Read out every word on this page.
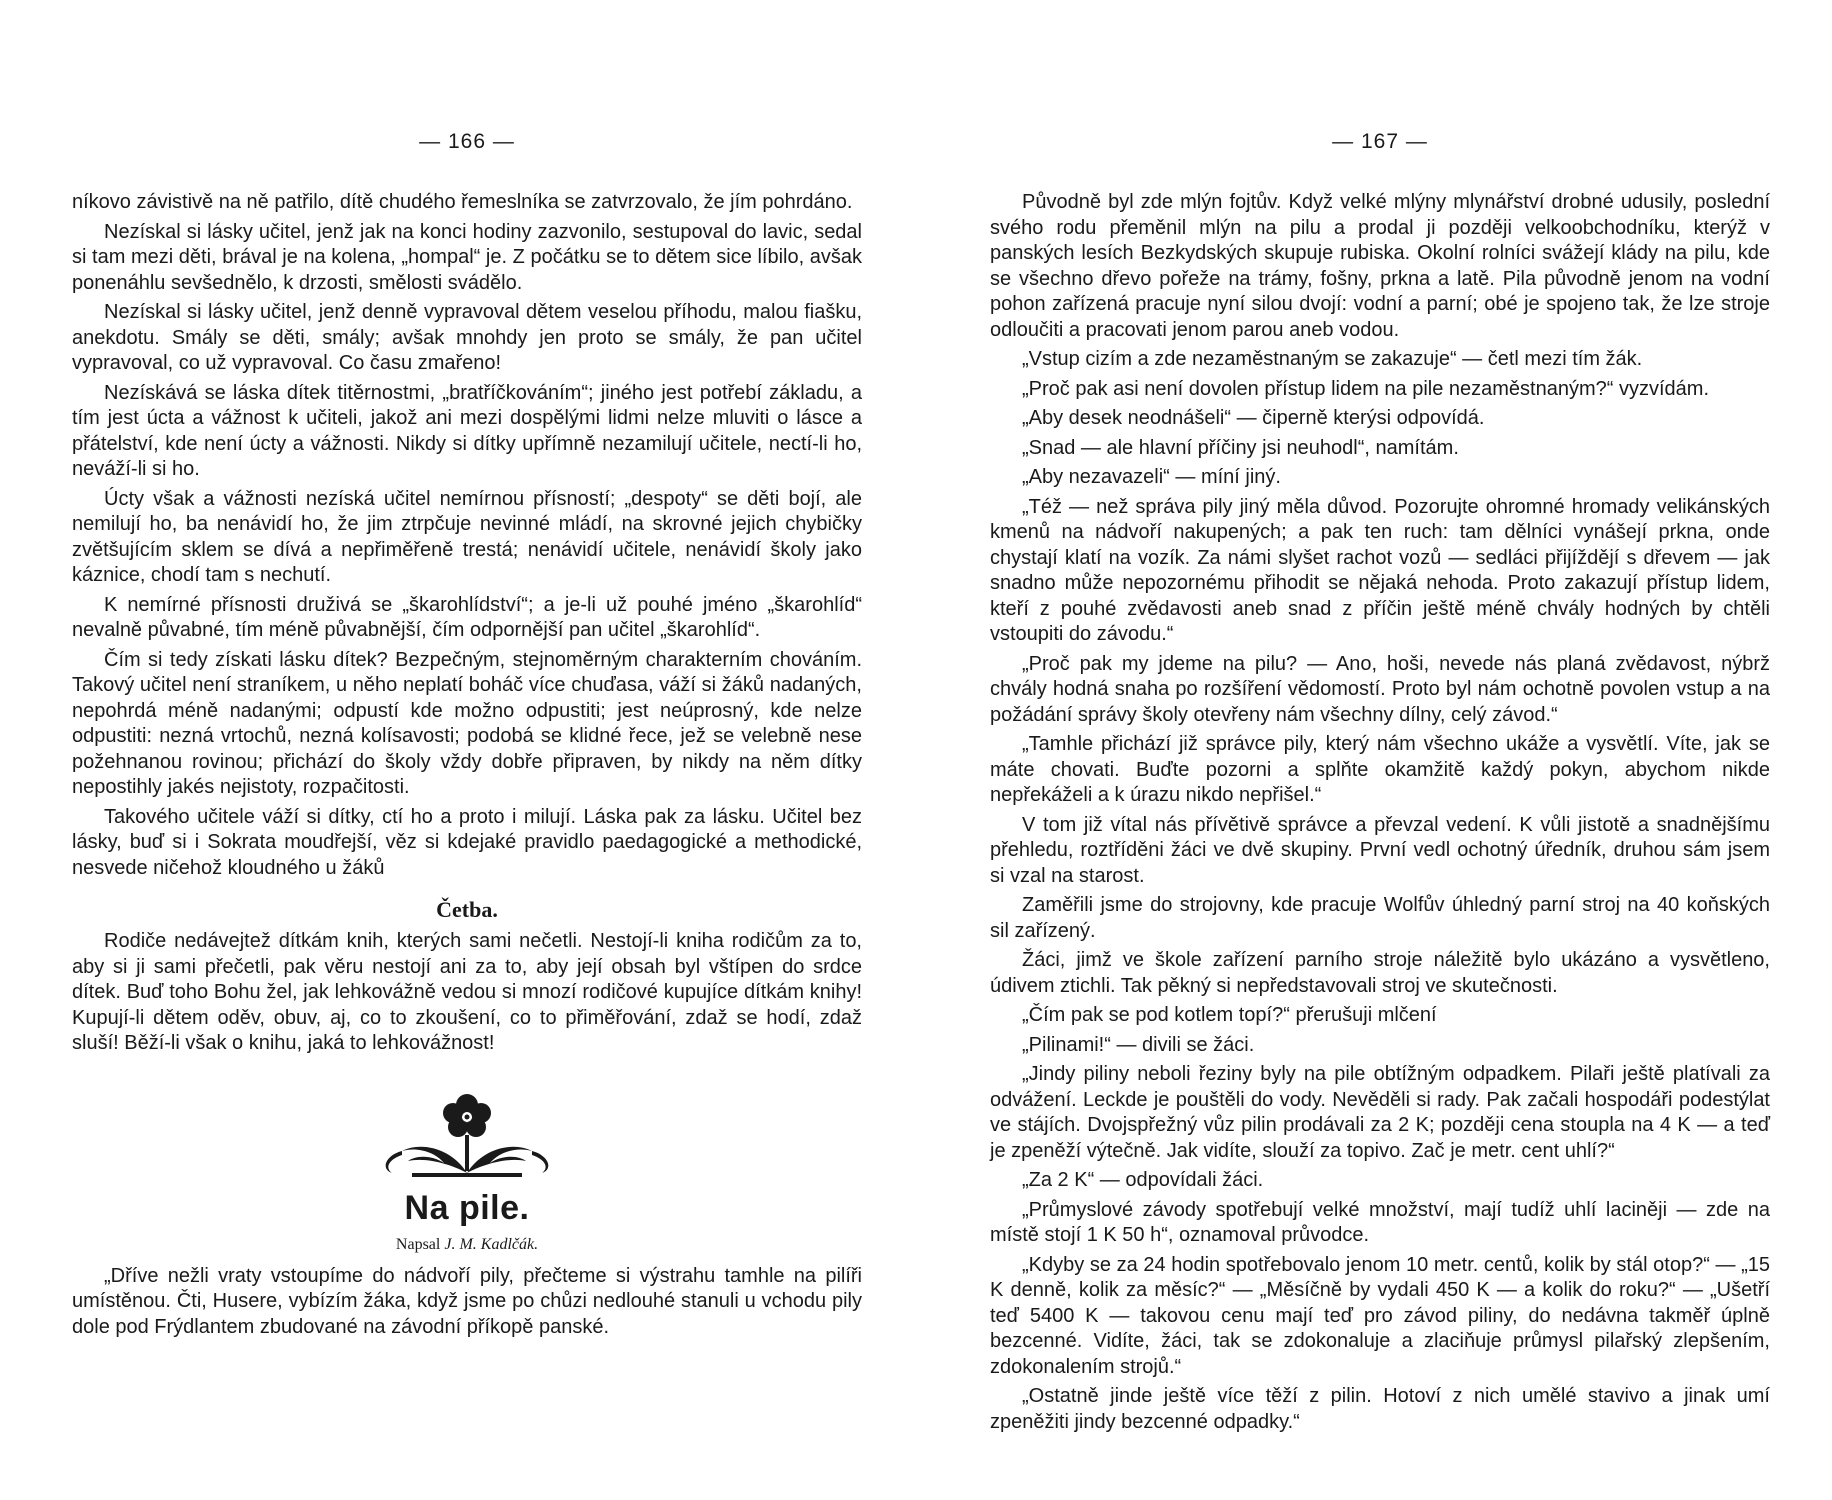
— 166 —

níkovo závistivě na ně patřilo, dítě chudého řemeslníka se zatvrzovalo, že jím pohrdáno.

Nezískal si lásky učitel, jenž jak na konci hodiny zazvonilo, sestupoval do lavic, sedal si tam mezi děti, brával je na kolena, „hompal“ je. Z počátku se to dětem sice líbilo, avšak ponenáhlu sevšednělo, k drzosti, smělosti svádělo.

Nezískal si lásky učitel, jenž denně vypravoval dětem veselou příhodu, malou fiašku, anekdotu. Smály se děti, smály; avšak mnohdy jen proto se smály, že pan učitel vypravoval, co už vypravoval. Co času zmařeno!

Nezískává se láska dítek titěrnostmi, „bratříčkováním“; jiného jest potřebí základu, a tím jest úcta a vážnost k učiteli, jakož ani mezi dospělými lidmi nelze mluviti o lásce a přátelství, kde není úcty a vážnosti. Nikdy si dítky upřímně nezamilují učitele, nectí-li ho, neváží-li si ho.

Úcty však a vážnosti nezíská učitel nemírnou přísností; „despoty“ se děti bojí, ale nemilují ho, ba nenávidí ho, že jim ztrpčuje nevinné mládí, na skrovné jejich chybičky zvětšujícím sklem se dívá a nepřiměřeně trestá; nenávidí učitele, nenávidí školy jako káznice, chodí tam s nechutí.

K nemírné přísnosti druživá se „škarohlídství“; a je-li už pouhé jméno „škarohlíd“ nevalně půvabné, tím méně půvabnější, čím odpornější pan učitel „škarohlíd“.

Čím si tedy získati lásku dítek? Bezpečným, stejnoměrným charakterním chováním. Takový učitel není straníkem, u něho neplatí boháč více chuďasa, váží si žáků nadaných, nepohrdá méně nadanými; odpustí kde možno odpustiti; jest neúprosný, kde nelze odpustiti: nezná vrtochů, nezná kolísavosti; podobá se klidné řece, jež se velebně nese požehnanou rovinou; přichází do školy vždy dobře připraven, by nikdy na něm dítky nepostihly jakés nejistoty, rozpačitosti.

Takového učitele váží si dítky, ctí ho a proto i milují. Láska pak za lásku. Učitel bez lásky, buď si i Sokrata moudřejší, věz si kdejaké pravidlo paedagogické a methodické, nesvede ničehož kloudného u žáků

Četba.

Rodiče nedávejtež dítkám knih, kterých sami nečetli. Nestojí-li kniha rodičům za to, aby si ji sami přečetli, pak věru nestojí ani za to, aby její obsah byl vštípen do srdce dítek. Buď toho Bohu žel, jak lehkovážně vedou si mnozí rodičové kupujíce dítkám knihy! Kupují-li dětem oděv, obuv, aj, co to zkoušení, co to přiměřování, zdaž se hodí, zdaž sluší! Běží-li však o knihu, jaká to lehkovážnost!

Na pile.
Napsal J. M. Kadlčák.

„Dříve nežli vraty vstoupíme do nádvoří pily, přečteme si výstrahu tamhle na pilíři umístěnou. Čti, Husere, vybízím žáka, když jsme po chůzi nedlouhé stanuli u vchodu pily dole pod Frýdlantem zbudované na závodní příkopě panské.

— 167 —

Původně byl zde mlýn fojtův. Když velké mlýny mlynářství drobné udusily, poslední svého rodu přeměnil mlýn na pilu a prodal ji později velkoobchodníku, kterýž v panských lesích Bezkydských skupuje rubiska. Okolní rolníci svážejí klády na pilu, kde se všechno dřevo pořeže na trámy, fošny, prkna a latě. Pila původně jenom na vodní pohon zařízená pracuje nyní silou dvojí: vodní a parní; obé je spojeno tak, že lze stroje odloučiti a pracovati jenom parou aneb vodou.

„Vstup cizím a zde nezaměstnaným se zakazuje“ — četl mezi tím žák.

„Proč pak asi není dovolen přístup lidem na pile nezaměstnaným?“ vyzvídám.

„Aby desek neodnášeli“ — čiperně kterýsi odpovídá.

„Snad — ale hlavní příčiny jsi neuhodl“, namítám.

„Aby nezavazeli“ — míní jiný.

„Též — než správa pily jiný měla důvod. Pozorujte ohromné hromady velikánských kmenů na nádvoří nakupených; a pak ten ruch: tam dělníci vynášejí prkna, onde chystají klatí na vozík. Za námi slyšet rachot vozů — sedláci přijíždějí s dřevem — jak snadno může nepozornému přihodit se nějaká nehoda. Proto zakazují přístup lidem, kteří z pouhé zvědavosti aneb snad z příčin ještě méně chvály hodných by chtěli vstoupiti do závodu.“

„Proč pak my jdeme na pilu? — Ano, hoši, nevede nás planá zvědavost, nýbrž chvály hodná snaha po rozšíření vědomostí. Proto byl nám ochotně povolen vstup a na požádání správy školy otevřeny nám všechny dílny, celý závod.“

„Tamhle přichází již správce pily, který nám všechno ukáže a vysvětlí. Víte, jak se máte chovati. Buďte pozorni a splňte okamžitě každý pokyn, abychom nikde nepřekáželi a k úrazu nikdo nepřišel.“

V tom již vítal nás přívětivě správce a převzal vedení. K vůli jistotě a snadnějšímu přehledu, roztříděni žáci ve dvě skupiny. První vedl ochotný úředník, druhou sám jsem si vzal na starost.

Zaměřili jsme do strojovny, kde pracuje Wolfův úhledný parní stroj na 40 koňských sil zařízený.

Žáci, jimž ve škole zařízení parního stroje náležitě bylo ukázáno a vysvětleno, údivem ztichli. Tak pěkný si nepředstavovali stroj ve skutečnosti.

„Čím pak se pod kotlem topí?“ přerušuji mlčení

„Pilinami!“ — divili se žáci.

„Jindy piliny neboli řeziny byly na pile obtížným odpadkem. Pilaři ještě platívali za odvážení. Leckde je pouštěli do vody. Nevěděli si rady. Pak začali hospodáři podestýlat ve stájích. Dvojspřežný vůz pilin prodávali za 2 K; později cena stoupla na 4 K — a teď je zpeněží výtečně. Jak vidíte, slouží za topivo. Zač je metr. cent uhlí?“

„Za 2 K“ — odpovídali žáci.

„Průmyslové závody spotřebují velké množství, mají tudíž uhlí laciněji — zde na místě stojí 1 K 50 h“, oznamoval průvodce.

„Kdyby se za 24 hodin spotřebovalo jenom 10 metr. centů, kolik by stál otop?“ — „15 K denně, kolik za měsíc?“ — „Měsíčně by vydali 450 K — a kolik do roku?“ — „Ušetří teď 5400 K — takovou cenu mají teď pro závod piliny, do nedávna takměř úplně bezcenné. Vidíte, žáci, tak se zdokonaluje a zlaciňuje průmysl pilařský zlepšením, zdokonalením strojů.“

„Ostatně jinde ještě více těží z pilin. Hotoví z nich umělé stavivo a jinak umí zpeněžiti jindy bezcenné odpadky.“
